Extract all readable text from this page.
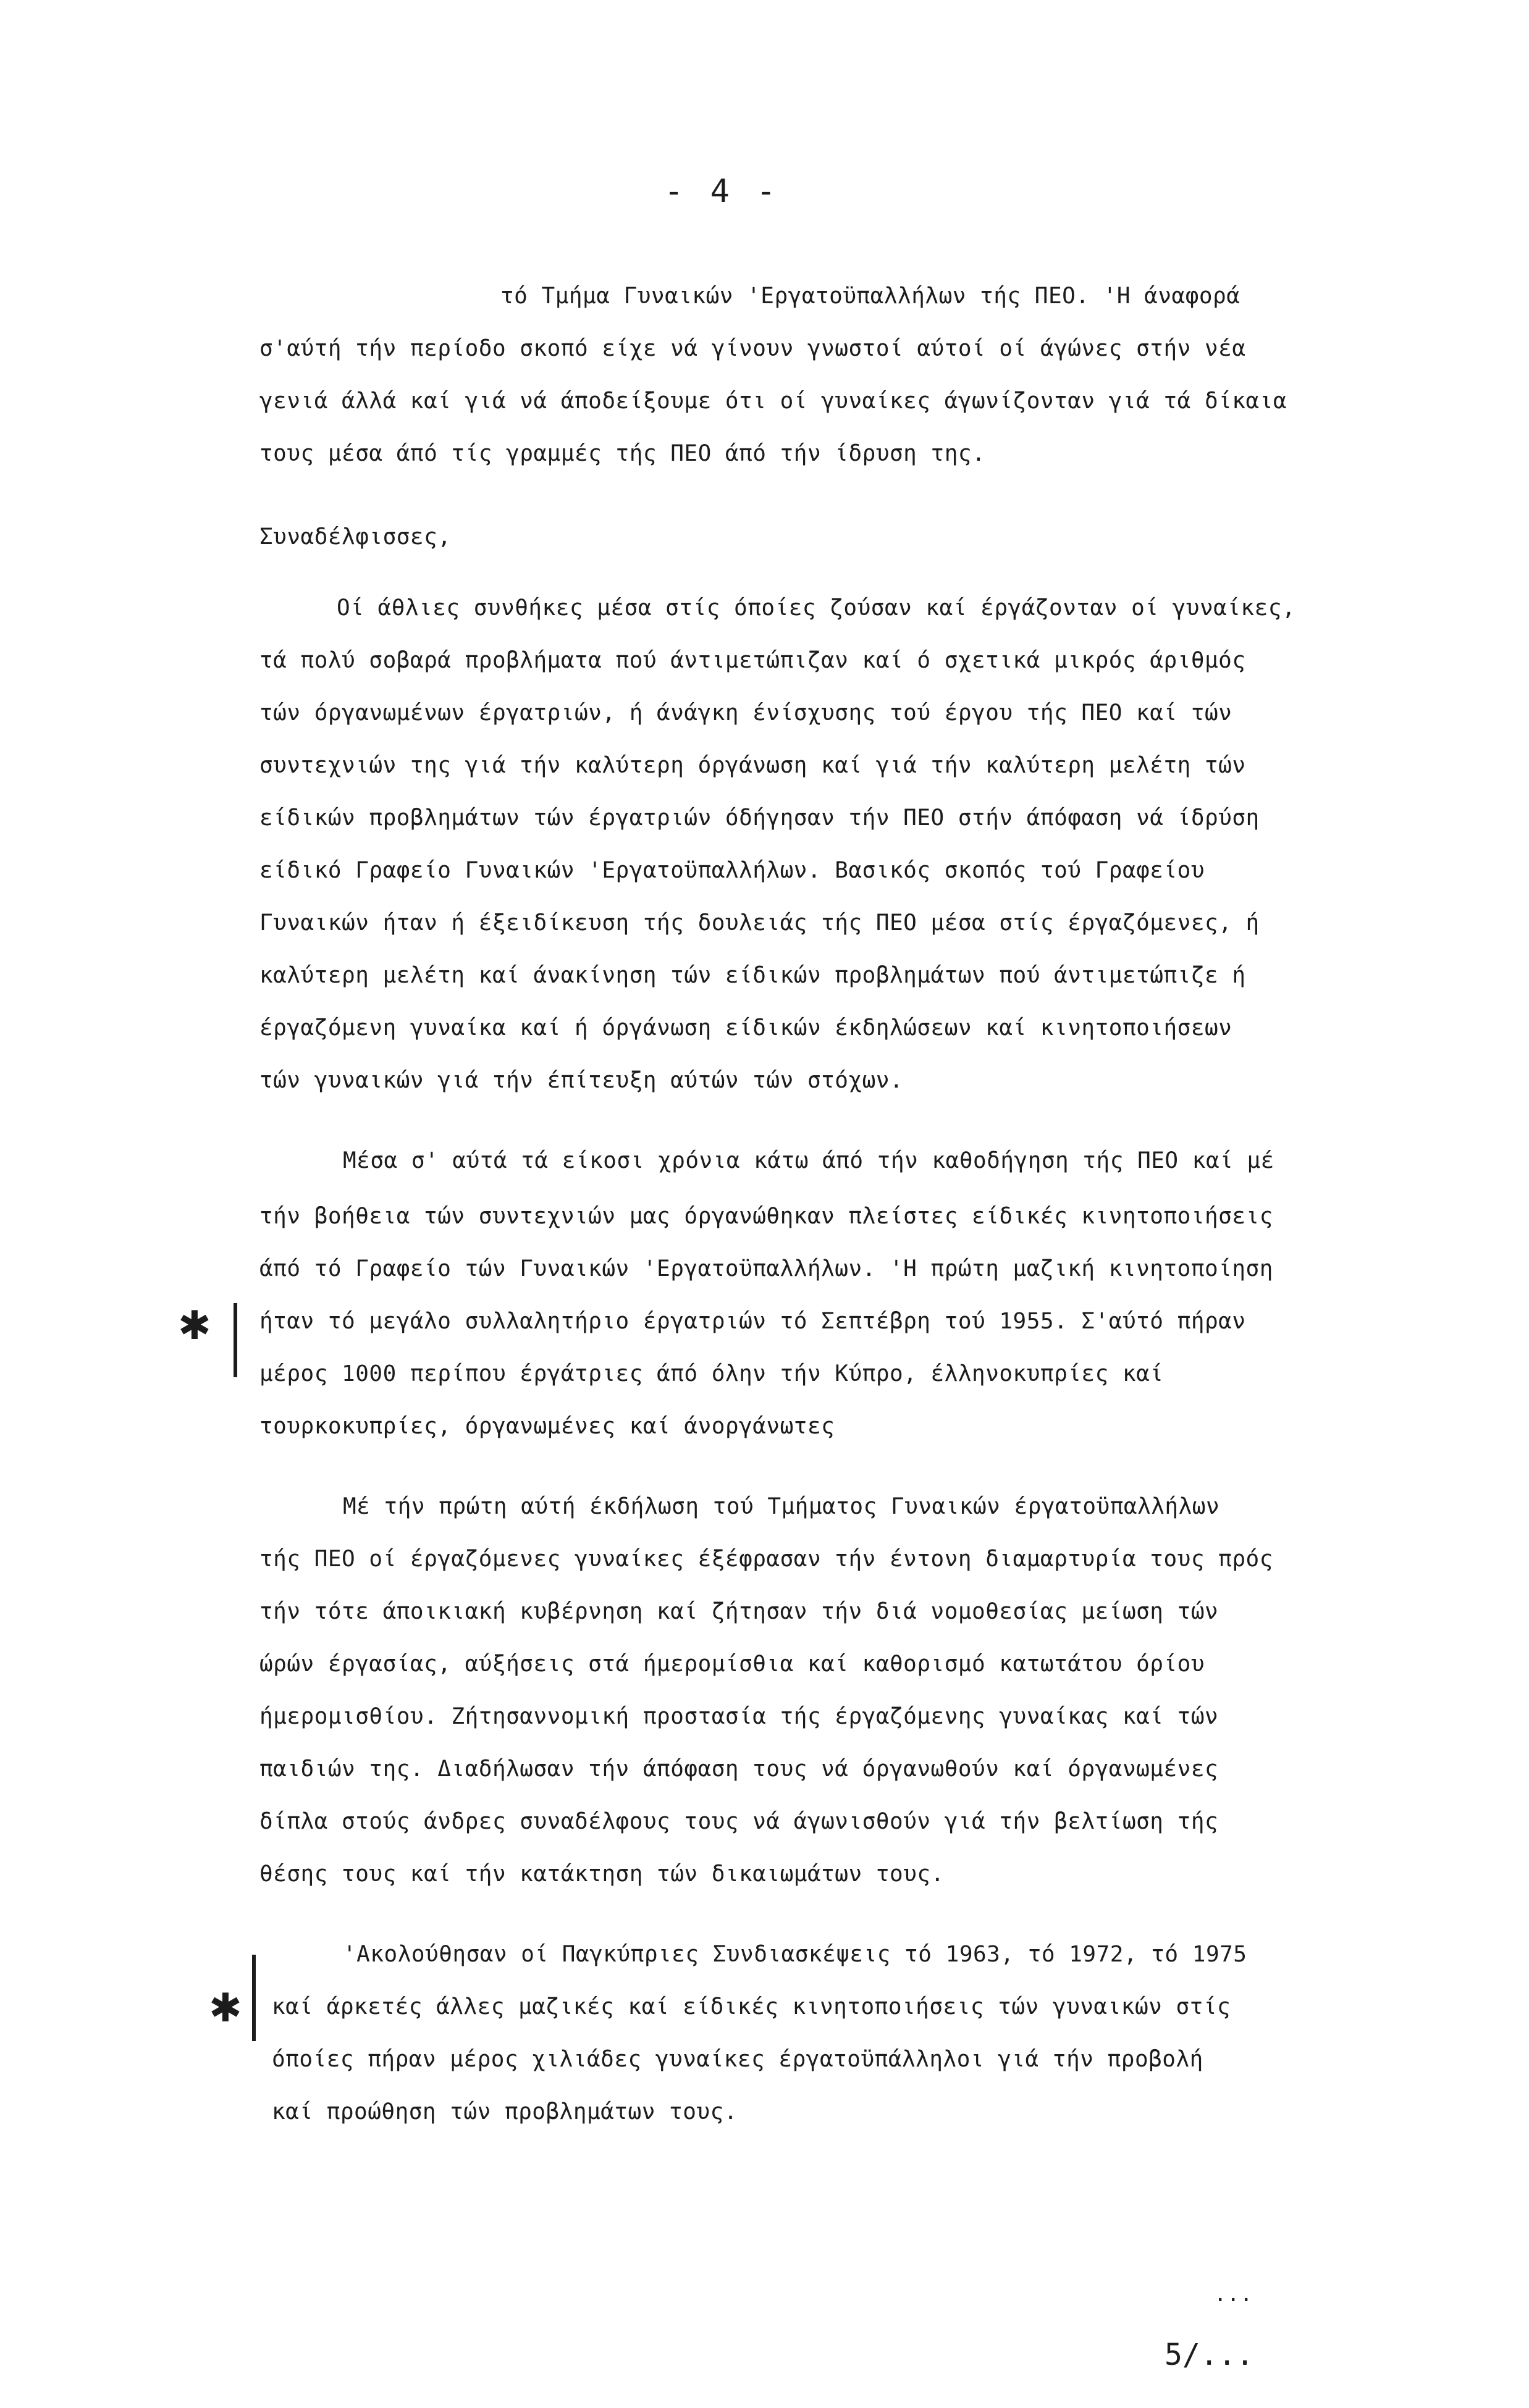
- 4 -
τό Τμήμα Γυναικών 'Εργατοϋπαλλήλων τής ΠΕΟ. 'Η άναφορά
σ'αύτή τήν περίοδο σκοπό είχε νά γίνουν γνωστοί αύτοί οί άγώνες στήν νέα
γενιά άλλά καί γιά νά άποδείξουμε ότι οί γυναίκες άγωνίζονταν γιά τά δίκαια
τους μέσα άπό τίς γραμμές τής ΠΕΟ άπό τήν ίδρυση της.
Συναδέλφισσες,
Οί άθλιες συνθήκες μέσα στίς όποίες ζούσαν καί έργάζονταν οί γυναίκες,
τά πολύ σοβαρά προβλήματα πού άντιμετώπιζαν καί ό σχετικά μικρός άριθμός
τών όργανωμένων έργατριών, ή άνάγκη ένίσχυσης τού έργου τής ΠΕΟ καί τών
συντεχνιών της γιά τήν καλύτερη όργάνωση καί γιά τήν καλύτερη μελέτη τών
είδικών προβλημάτων τών έργατριών όδήγησαν τήν ΠΕΟ στήν άπόφαση νά ίδρύση
είδικό Γραφείο Γυναικών 'Εργατοϋπαλλήλων. Βασικός σκοπός τού Γραφείου
Γυναικών ήταν ή έξειδίκευση τής δουλειάς τής ΠΕΟ μέσα στίς έργαζόμενες, ή
καλύτερη μελέτη καί άνακίνηση τών είδικών προβλημάτων πού άντιμετώπιζε ή
έργαζόμενη γυναίκα καί ή όργάνωση είδικών έκδηλώσεων καί κινητοποιήσεων
τών γυναικών γιά τήν έπίτευξη αύτών τών στόχων.
Μέσα σ' αύτά τά είκοσι χρόνια κάτω άπό τήν καθοδήγηση τής ΠΕΟ καί μέ
τήν βοήθεια τών συντεχνιών μας όργανώθηκαν πλείστες είδικές κινητοποιήσεις
άπό τό Γραφείο τών Γυναικών 'Εργατοϋπαλλήλων. 'Η πρώτη μαζική κινητοποίηση
ήταν τό μεγάλο συλλαλητήριο έργατριών τό Σεπτέβρη τού 1955. Σ'αύτό πήραν
μέρος 1000 περίπου έργάτριες άπό όλην τήν Κύπρο, έλληνοκυπρίες καί
τουρκοκυπρίες, όργανωμένες καί άνοργάνωτες
✱
Μέ τήν πρώτη αύτή έκδήλωση τού Τμήματος Γυναικών έργατοϋπαλλήλων
τής ΠΕΟ οί έργαζόμενες γυναίκες έξέφρασαν τήν έντονη διαμαρτυρία τους πρός
τήν τότε άποικιακή κυβέρνηση καί ζήτησαν τήν διά νομοθεσίας μείωση τών
ώρών έργασίας, αύξήσεις στά ήμερομίσθια καί καθορισμό κατωτάτου όρίου
ήμερομισθίου. Ζήτησαννομική προστασία τής έργαζόμενης γυναίκας καί τών
παιδιών της. Διαδήλωσαν τήν άπόφαση τους νά όργανωθούν καί όργανωμένες
δίπλα στούς άνδρες συναδέλφους τους νά άγωνισθούν γιά τήν βελτίωση τής
θέσης τους καί τήν κατάκτηση τών δικαιωμάτων τους.
'Ακολούθησαν οί Παγκύπριες Συνδιασκέψεις τό 1963, τό 1972, τό 1975
καί άρκετές άλλες μαζικές καί είδικές κινητοποιήσεις τών γυναικών στίς
όποίες πήραν μέρος χιλιάδες γυναίκες έργατοϋπάλληλοι γιά τήν προβολή
καί προώθηση τών προβλημάτων τους.
✱
...
5/...
